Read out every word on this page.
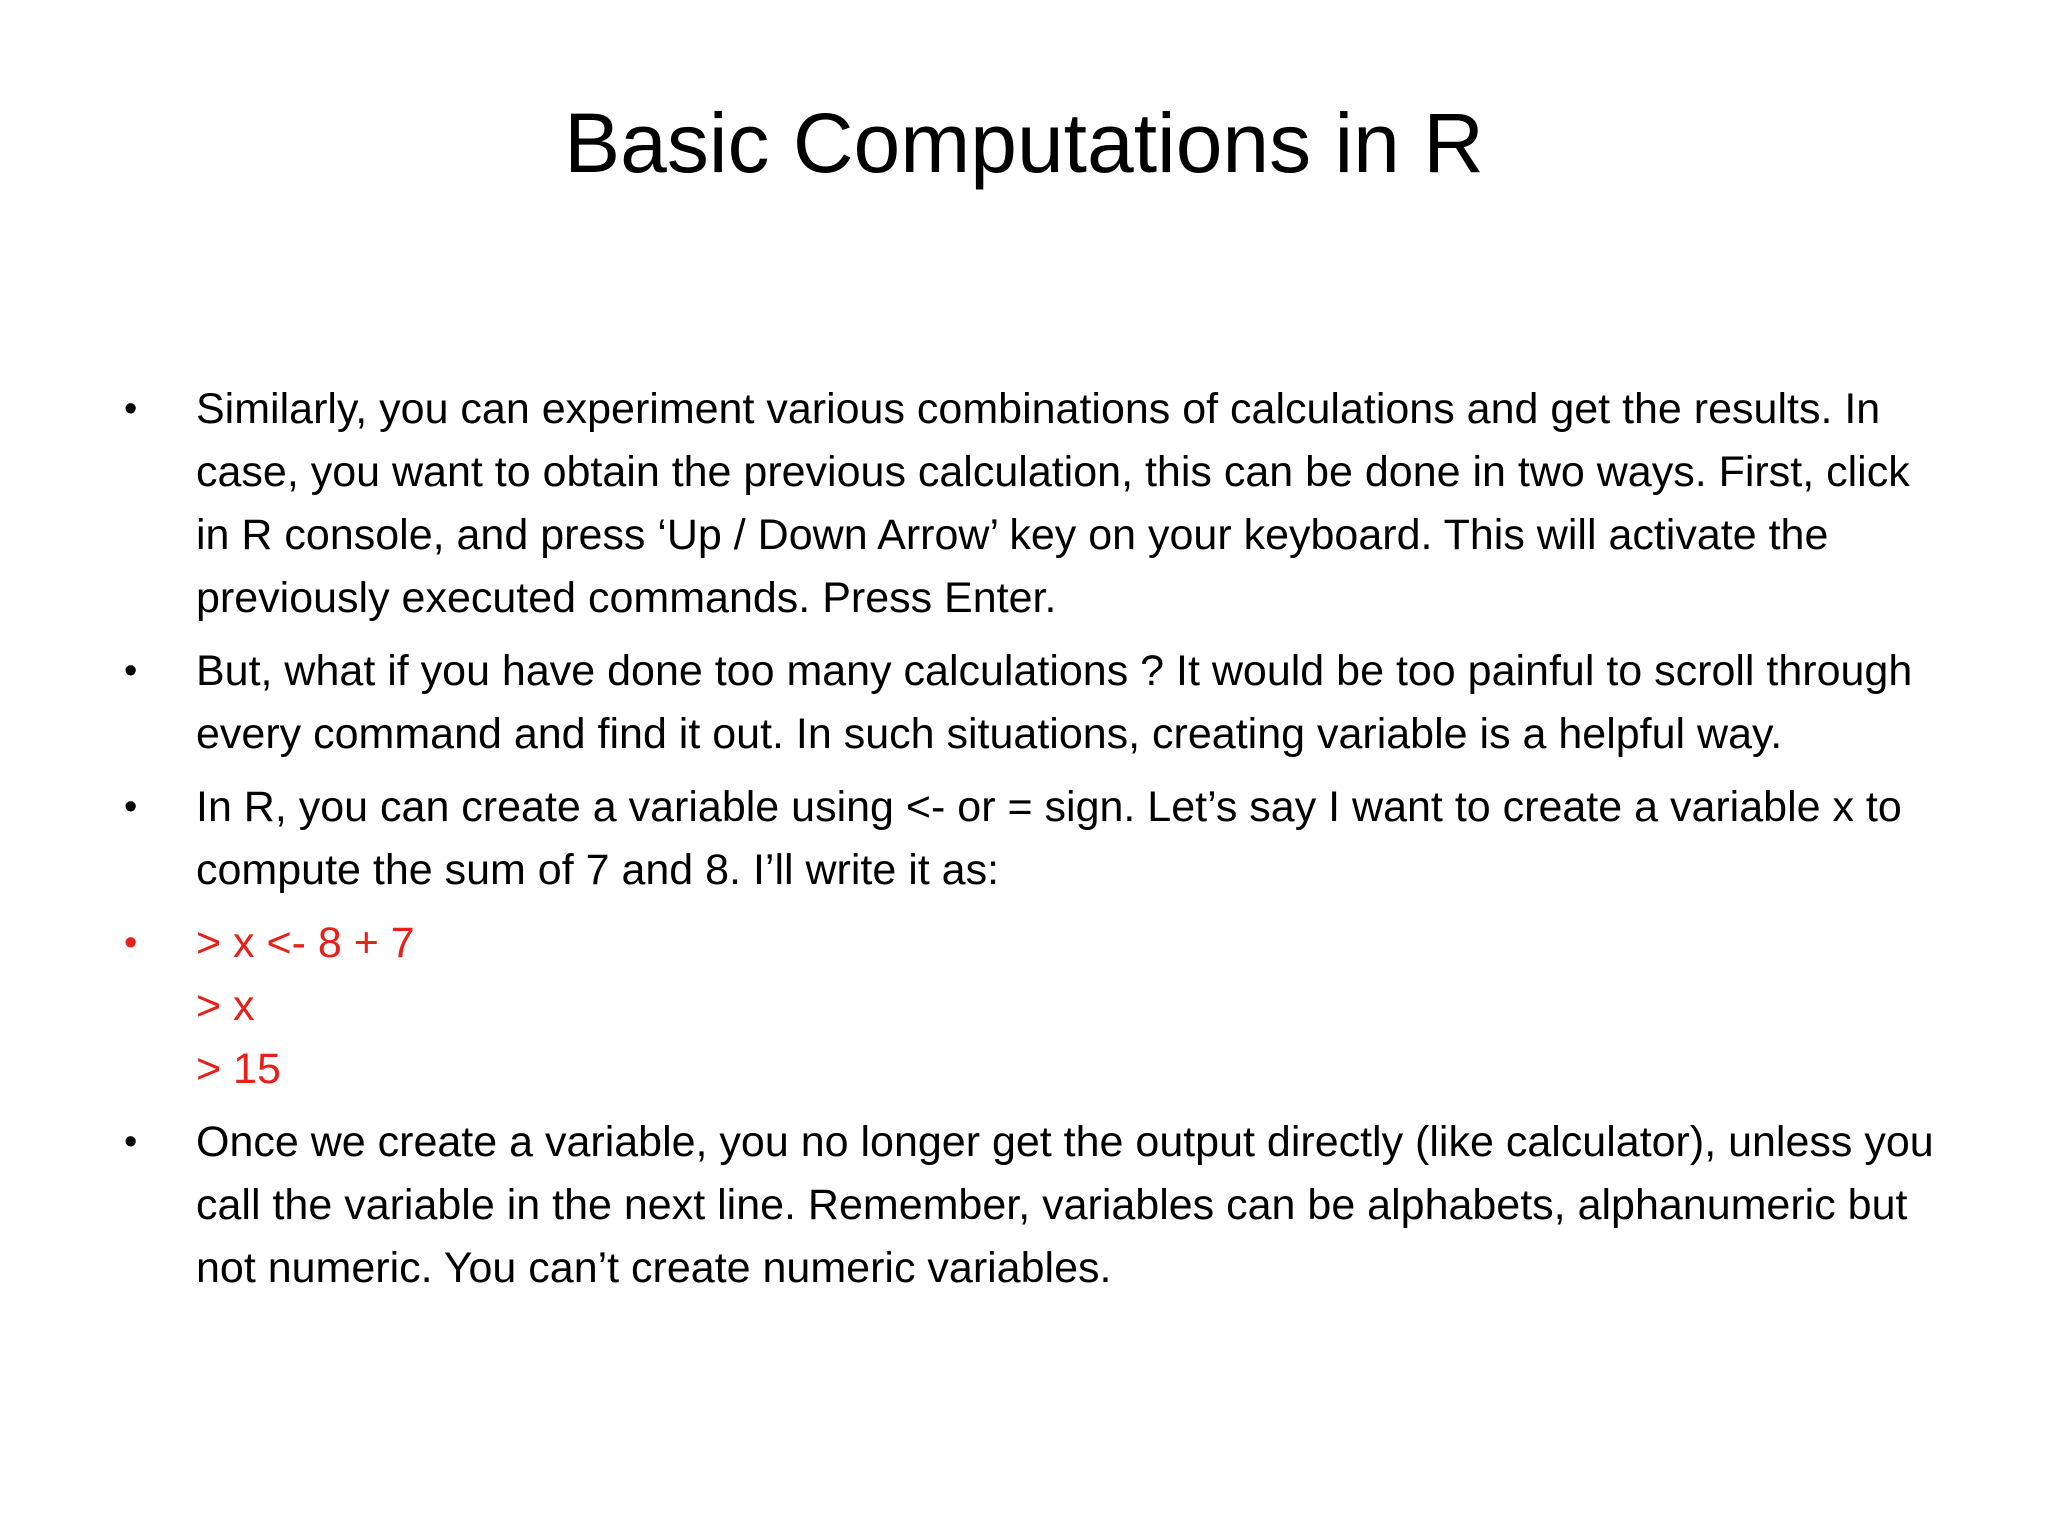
Basic Computations in R
• Similarly, you can experiment various combinations of calculations and get the results. In case, you want to obtain the previous calculation, this can be done in two ways. First, click in R console, and press ‘Up / Down Arrow’ key on your keyboard. This will activate the previously executed commands. Press Enter.
• But, what if you have done too many calculations ? It would be too painful to scroll through every command and find it out. In such situations, creating variable is a helpful way.
• In R, you can create a variable using <- or = sign. Let’s say I want to create a variable x to compute the sum of 7 and 8. I’ll write it as:
• > x <- 8 + 7
> x
> 15
• Once we create a variable, you no longer get the output directly (like calculator), unless you call the variable in the next line. Remember, variables can be alphabets, alphanumeric but not numeric. You can’t create numeric variables.
